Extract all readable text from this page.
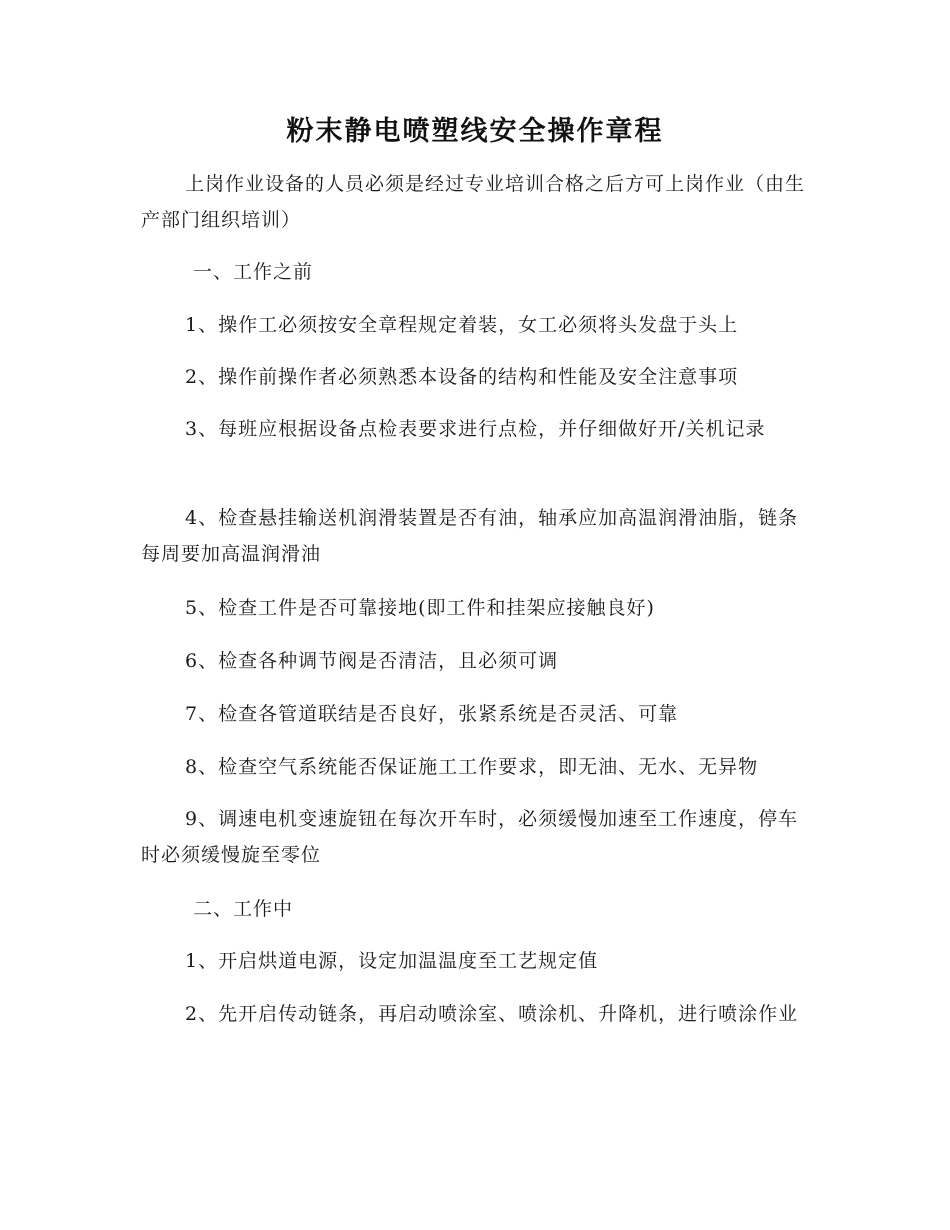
粉末静电喷塑线安全操作章程

上岗作业设备的人员必须是经过专业培训合格之后方可上岗作业（由生产部门组织培训）

一、工作之前

1、操作工必须按安全章程规定着装，女工必须将头发盘于头上

2、操作前操作者必须熟悉本设备的结构和性能及安全注意事项

3、每班应根据设备点检表要求进行点检，并仔细做好开/关机记录

4、检查悬挂输送机润滑装置是否有油，轴承应加高温润滑油脂，链条每周要加高温润滑油

5、检查工件是否可靠接地(即工件和挂架应接触良好)

6、检查各种调节阀是否清洁，且必须可调

7、检查各管道联结是否良好，张紧系统是否灵活、可靠

8、检查空气系统能否保证施工工作要求，即无油、无水、无异物

9、调速电机变速旋钮在每次开车时，必须缓慢加速至工作速度，停车时必须缓慢旋至零位

二、工作中

1、开启烘道电源，设定加温温度至工艺规定值

2、先开启传动链条，再启动喷涂室、喷涂机、升降机，进行喷涂作业
